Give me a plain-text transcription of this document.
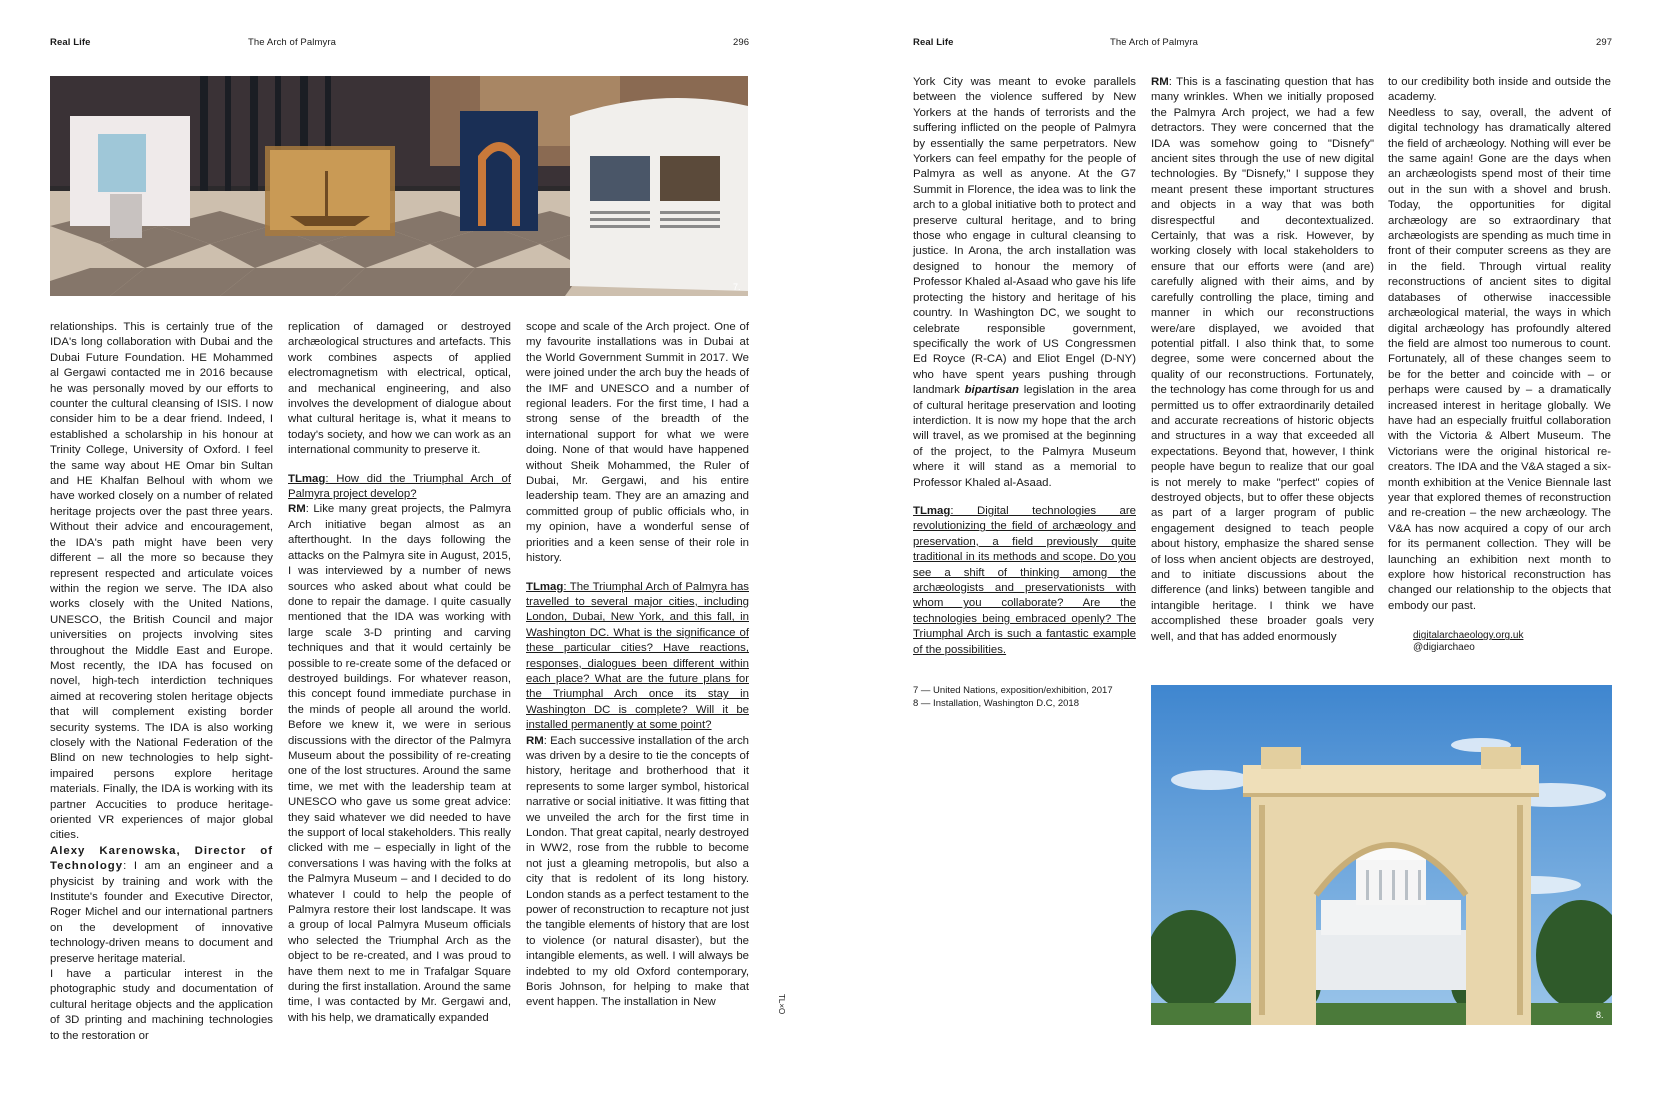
Real Life	The Arch of Palmyra	296	Real Life	The Arch of Palmyra	297
7.

relationships. This is certainly true of the IDA's long collaboration with Dubai and the Dubai Future Foundation. HE Mohammed al Gergawi contacted me in 2016 because he was personally moved by our efforts to counter the cultural cleansing of ISIS. I now consider him to be a dear friend. Indeed, I established a scholarship in his honour at Trinity College, University of Oxford. I feel the same way about HE Omar bin Sultan and HE Khalfan Belhoul with whom we have worked closely on a number of related heritage projects over the past three years. Without their advice and encouragement, the IDA's path might have been very different – all the more so because they represent respected and articulate voices within the region we serve. The IDA also works closely with the United Nations, UNESCO, the British Council and major universities on projects involving sites throughout the Middle East and Europe. Most recently, the IDA has focused on novel, high-tech interdiction techniques aimed at recovering stolen heritage objects that will complement existing border security systems. The IDA is also working closely with the National Federation of the Blind on new technologies to help sight-impaired persons explore heritage materials. Finally, the IDA is working with its partner Accucities to produce heritage-oriented VR experiences of major global cities.

Alexy Karenowska, Director of Technology: I am an engineer and a physicist by training and work with the Institute's founder and Executive Director, Roger Michel and our international partners on the development of innovative technology-driven means to document and preserve heritage material.

I have a particular interest in the photographic study and documentation of cultural heritage objects and the application of 3D printing and machining technologies to the restoration or

replication of damaged or destroyed archæological structures and artefacts. This work combines aspects of applied electromagnetism with electrical, optical, and mechanical engineering, and also involves the development of dialogue about what cultural heritage is, what it means to today's society, and how we can work as an international community to preserve it.

TLmag: How did the Triumphal Arch of Palmyra project develop?

RM: Like many great projects, the Palmyra Arch initiative began almost as an afterthought. In the days following the attacks on the Palmyra site in August, 2015, I was interviewed by a number of news sources who asked about what could be done to repair the damage. I quite casually mentioned that the IDA was working with large scale 3-D printing and carving techniques and that it would certainly be possible to re-create some of the defaced or destroyed buildings. For whatever reason, this concept found immediate purchase in the minds of people all around the world. Before we knew it, we were in serious discussions with the director of the Palmyra Museum about the possibility of re-creating one of the lost structures. Around the same time, we met with the leadership team at UNESCO who gave us some great advice: they said whatever we did needed to have the support of local stakeholders. This really clicked with me – especially in light of the conversations I was having with the folks at the Palmyra Museum – and I decided to do whatever I could to help the people of Palmyra restore their lost landscape. It was a group of local Palmyra Museum officials who selected the Triumphal Arch as the object to be re-created, and I was proud to have them next to me in Trafalgar Square during the first installation. Around the same time, I was contacted by Mr. Gergawi and, with his help, we dramatically expanded

scope and scale of the Arch project. One of my favourite installations was in Dubai at the World Government Summit in 2017. We were joined under the arch buy the heads of the IMF and UNESCO and a number of regional leaders. For the first time, I had a strong sense of the breadth of the international support for what we were doing. None of that would have happened without Sheik Mohammed, the Ruler of Dubai, Mr. Gergawi, and his entire leadership team. They are an amazing and committed group of public officials who, in my opinion, have a wonderful sense of priorities and a keen sense of their role in history.

TLmag: The Triumphal Arch of Palmyra has travelled to several major cities, including London, Dubai, New York, and this fall, in Washington DC. What is the significance of these particular cities? Have reactions, responses, dialogues been different within each place? What are the future plans for the Triumphal Arch once its stay in Washington DC is complete? Will it be installed permanently at some point?

RM: Each successive installation of the arch was driven by a desire to tie the concepts of history, heritage and brotherhood that it represents to some larger symbol, historical narrative or social initiative. It was fitting that we unveiled the arch for the first time in London. That great capital, nearly destroyed in WW2, rose from the rubble to become not just a gleaming metropolis, but also a city that is redolent of its long history. London stands as a perfect testament to the power of reconstruction to recapture not just the tangible elements of history that are lost to violence (or natural disaster), but the intangible elements, as well. I will always be indebted to my old Oxford contemporary, Boris Johnson, for helping to make that event happen. The installation in New	TL×O

York City was meant to evoke parallels between the violence suffered by New Yorkers at the hands of terrorists and the suffering inflicted on the people of Palmyra by essentially the same perpetrators. New Yorkers can feel empathy for the people of Palmyra as well as anyone. At the G7 Summit in Florence, the idea was to link the arch to a global initiative both to protect and preserve cultural heritage, and to bring those who engage in cultural cleansing to justice. In Arona, the arch installation was designed to honour the memory of Professor Khaled al-Asaad who gave his life protecting the history and heritage of his country. In Washington DC, we sought to celebrate responsible government, specifically the work of US Congressmen Ed Royce (R-CA) and Eliot Engel (D-NY) who have spent years pushing through landmark bipartisan legislation in the area of cultural heritage preservation and looting interdiction. It is now my hope that the arch will travel, as we promised at the beginning of the project, to the Palmyra Museum where it will stand as a memorial to Professor Khaled al-Asaad.

TLmag: Digital technologies are revolutionizing the field of archæology and preservation, a field previously quite traditional in its methods and scope. Do you see a shift of thinking among the archæologists and preservationists with whom you collaborate? Are the technologies being embraced openly? The Triumphal Arch is such a fantastic example of the possibilities.

7 — United Nations, exposition/exhibition, 2017
8 — Installation, Washington D.C, 2018

RM: This is a fascinating question that has many wrinkles. When we initially proposed the Palmyra Arch project, we had a few detractors. They were concerned that the IDA was somehow going to "Disnefy" ancient sites through the use of new digital technologies. By "Disnefy," I suppose they meant present these important structures and objects in a way that was both disrespectful and decontextualized. Certainly, that was a risk. However, by working closely with local stakeholders to ensure that our efforts were (and are) carefully aligned with their aims, and by carefully controlling the place, timing and manner in which our reconstructions were/are displayed, we avoided that potential pitfall. I also think that, to some degree, some were concerned about the quality of our reconstructions. Fortunately, the technology has come through for us and permitted us to offer extraordinarily detailed and accurate recreations of historic objects and structures in a way that exceeded all expectations. Beyond that, however, I think people have begun to realize that our goal is not merely to make "perfect" copies of destroyed objects, but to offer these objects as part of a larger program of public engagement designed to teach people about history, emphasize the shared sense of loss when ancient objects are destroyed, and to initiate discussions about the difference (and links) between tangible and intangible heritage. I think we have accomplished these broader goals very well, and that has added enormously

to our credibility both inside and outside the academy.

Needless to say, overall, the advent of digital technology has dramatically altered the field of archæology. Nothing will ever be the same again! Gone are the days when an archæologists spend most of their time out in the sun with a shovel and brush. Today, the opportunities for digital archæology are so extraordinary that archæologists are spending as much time in front of their computer screens as they are in the field. Through virtual reality reconstructions of ancient sites to digital databases of otherwise inaccessible archæological material, the ways in which digital archæology has profoundly altered the field are almost too numerous to count. Fortunately, all of these changes seem to be for the better and coincide with – or perhaps were caused by – a dramatically increased interest in heritage globally. We have had an especially fruitful collaboration with the Victoria & Albert Museum. The Victorians were the original historical re-creators. The IDA and the V&A staged a six-month exhibition at the Venice Biennale last year that explored themes of reconstruction and re-creation – the new archæology. The V&A has now acquired a copy of our arch for its permanent collection. They will be launching an exhibition next month to explore how historical reconstruction has changed our relationship to the objects that embody our past.

digitalarchaeology.org.uk
@digiarchaeo
8.
